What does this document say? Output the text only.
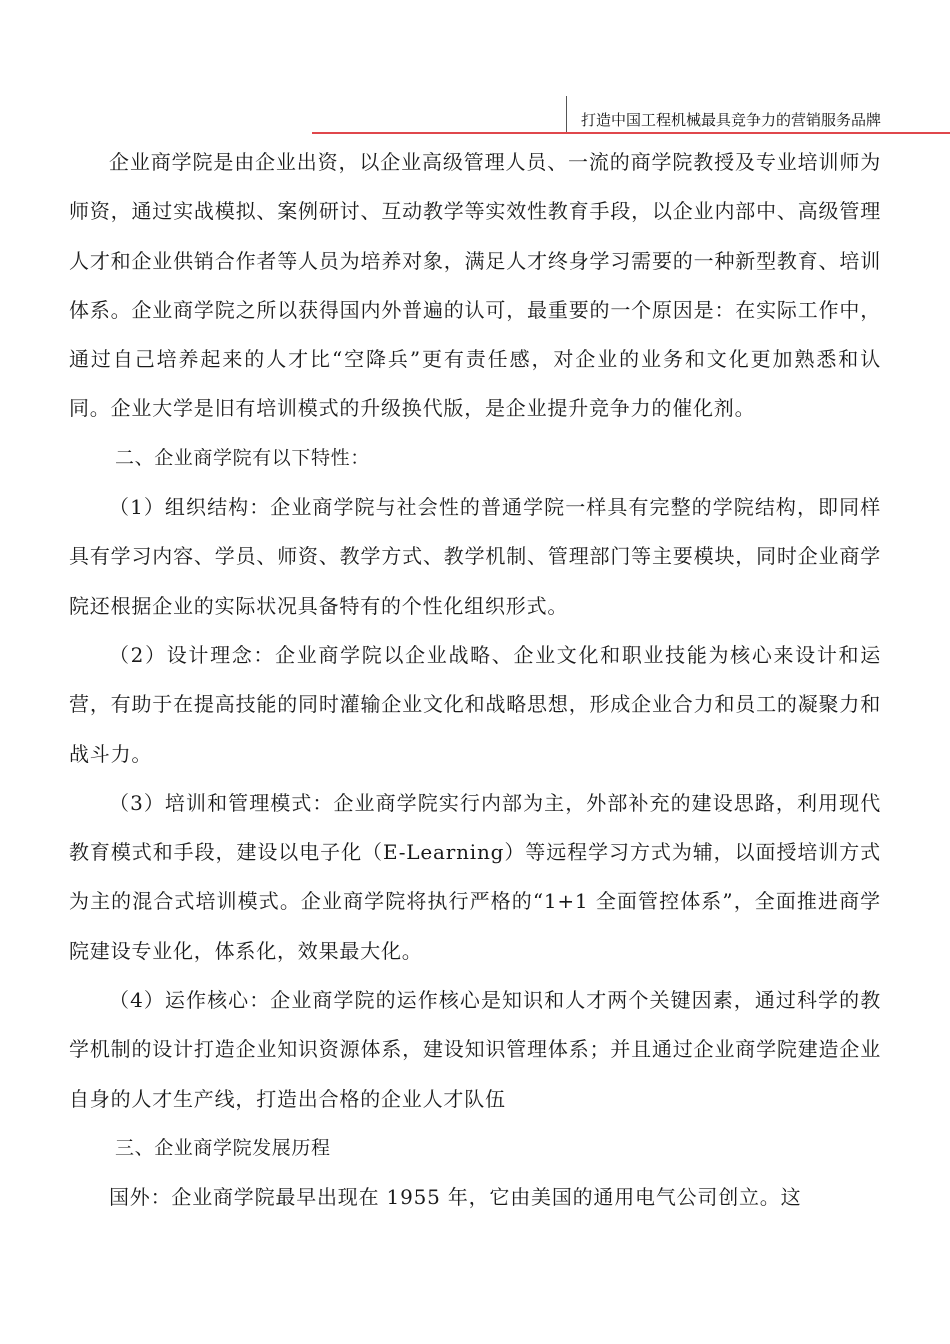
打造中国工程机械最具竞争力的营销服务品牌

企业商学院是由企业出资，以企业高级管理人员、一流的商学院教授及专业培训师为师资，通过实战模拟、案例研讨、互动教学等实效性教育手段，以企业内部中、高级管理人才和企业供销合作者等人员为培养对象，满足人才终身学习需要的一种新型教育、培训体系。企业商学院之所以获得国内外普遍的认可，最重要的一个原因是：在实际工作中，通过自己培养起来的人才比“空降兵”更有责任感，对企业的业务和文化更加熟悉和认同。企业大学是旧有培训模式的升级换代版，是企业提升竞争力的催化剂。

二、企业商学院有以下特性：

（1）组织结构：企业商学院与社会性的普通学院一样具有完整的学院结构，即同样具有学习内容、学员、师资、教学方式、教学机制、管理部门等主要模块，同时企业商学院还根据企业的实际状况具备特有的个性化组织形式。

（2）设计理念：企业商学院以企业战略、企业文化和职业技能为核心来设计和运营，有助于在提高技能的同时灌输企业文化和战略思想，形成企业合力和员工的凝聚力和战斗力。

（3）培训和管理模式：企业商学院实行内部为主，外部补充的建设思路，利用现代教育模式和手段，建设以电子化（E-Learning）等远程学习方式为辅，以面授培训方式为主的混合式培训模式。企业商学院将执行严格的“1+1 全面管控体系”，全面推进商学院建设专业化，体系化，效果最大化。

（4）运作核心：企业商学院的运作核心是知识和人才两个关键因素，通过科学的教学机制的设计打造企业知识资源体系，建设知识管理体系；并且通过企业商学院建造企业自身的人才生产线，打造出合格的企业人才队伍

三、企业商学院发展历程

国外：企业商学院最早出现在 1955 年，它由美国的通用电气公司创立。这
